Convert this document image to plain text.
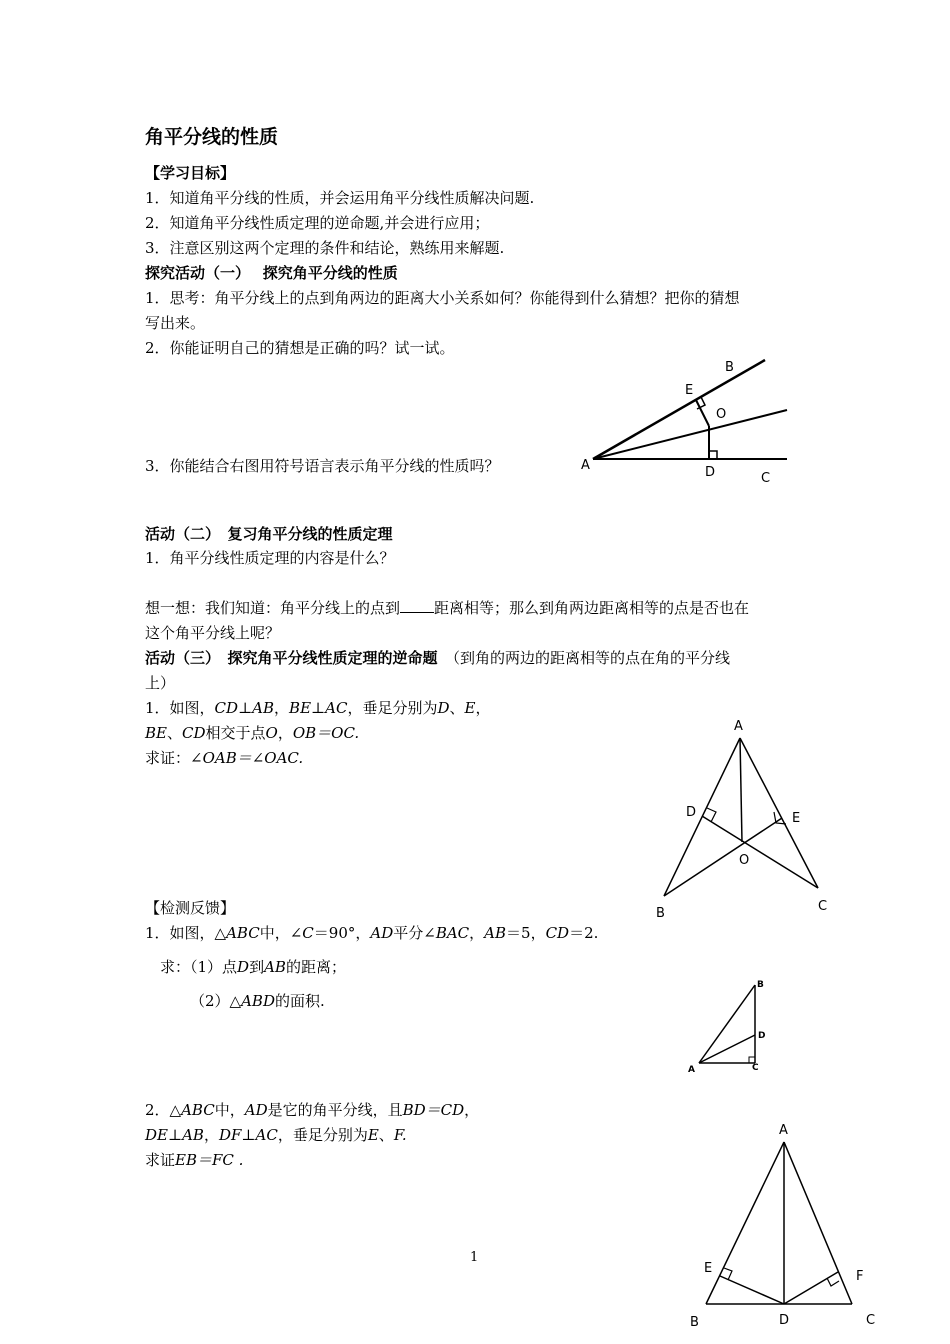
角平分线的性质
【学习目标】
1．知道角平分线的性质，并会运用角平分线性质解决问题.
2．知道角平分线性质定理的逆命题,并会进行应用；
3．注意区别这两个定理的条件和结论，熟练用来解题.
探究活动（一）　 探究角平分线的性质
1．思考：角平分线上的点到角两边的距离大小关系如何？你能得到什么猜想？把你的猜想
写出来。
2．你能证明自己的猜想是正确的吗？试一试。
3．你能结合右图用符号语言表示角平分线的性质吗？	A
B
C
D
E
O
活动（二）　复习角平分线的性质定理
1．角平分线性质定理的内容是什么？
想一想：我们知道：角平分线上的点到 距离相等；那么到角两边距离相等的点是否也在
这个角平分线上呢？
活动（三）　探究角平分线性质定理的逆命题　（到角的两边的距离相等的点在角的平分线
上）
1．如图，CD⊥AB，BE⊥AC，垂足分别为D、E，
BE、CD相交于点O，OB＝OC.
求证：∠OAB＝∠OAC.
A
B	C
D	E
O
【检测反馈】
1．如图，△ABC中，∠C＝90°，AD平分∠BAC，AB＝5，CD＝2.
求：（1）点D到AB的距离；
（2）△ABD的面积.
A
B
C
D
2．△ABC中，AD是它的角平分线，且BD＝CD，
DE⊥AB，DF⊥AC，垂足分别为E、F.
求证EB＝FC .
A
B	C
D
E
F
1
